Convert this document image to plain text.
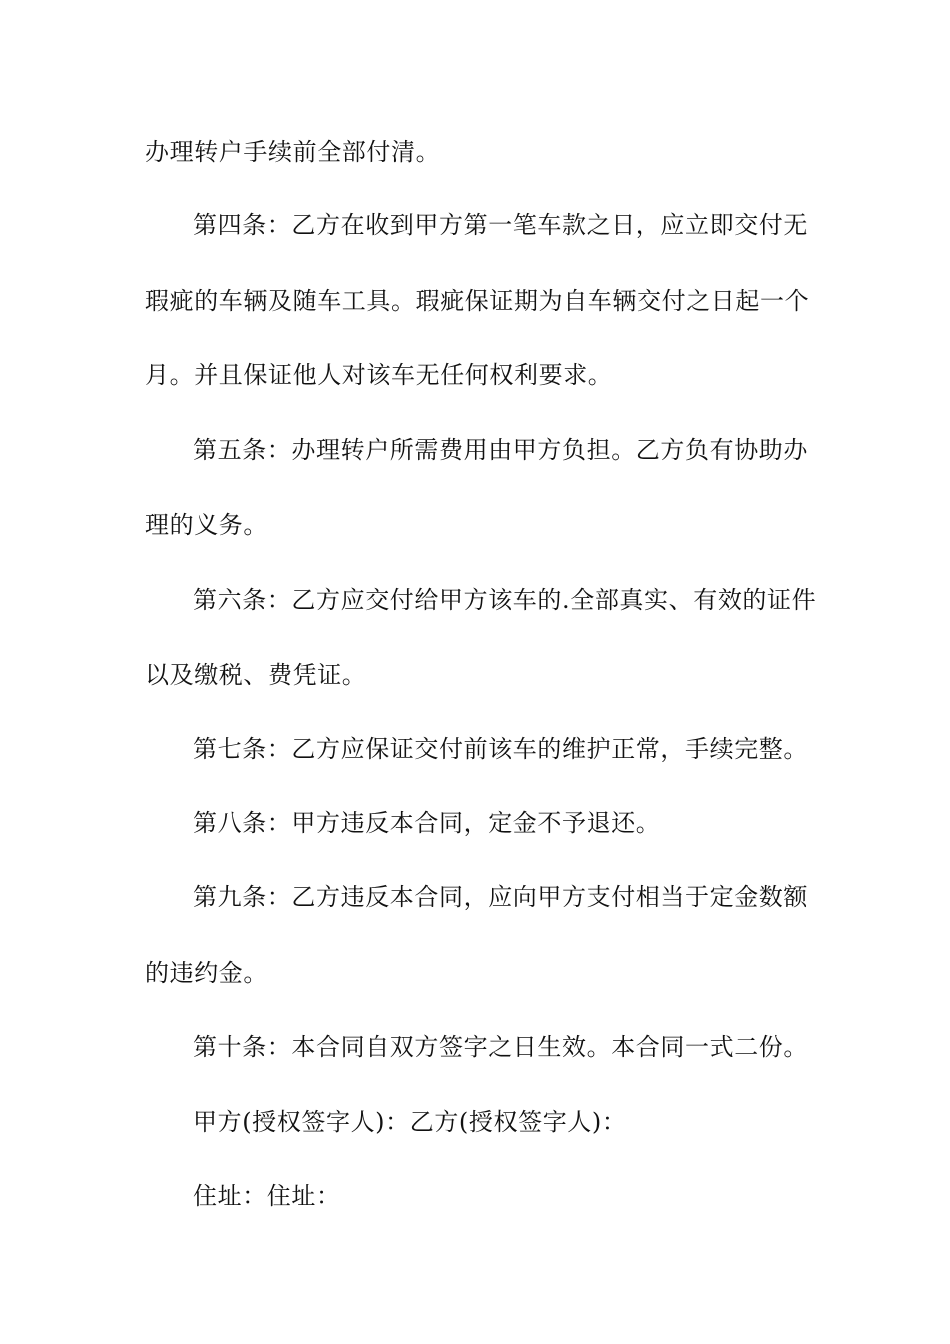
办理转户手续前全部付清。

第四条：乙方在收到甲方第一笔车款之日，应立即交付无

瑕疵的车辆及随车工具。瑕疵保证期为自车辆交付之日起一个

月。并且保证他人对该车无任何权利要求。

第五条：办理转户所需费用由甲方负担。乙方负有协助办

理的义务。

第六条：乙方应交付给甲方该车的.全部真实、有效的证件

以及缴税、费凭证。

第七条：乙方应保证交付前该车的维护正常，手续完整。

第八条：甲方违反本合同，定金不予退还。

第九条：乙方违反本合同，应向甲方支付相当于定金数额

的违约金。

第十条：本合同自双方签字之日生效。本合同一式二份。

甲方(授权签字人)：乙方(授权签字人)：

住址：住址：
